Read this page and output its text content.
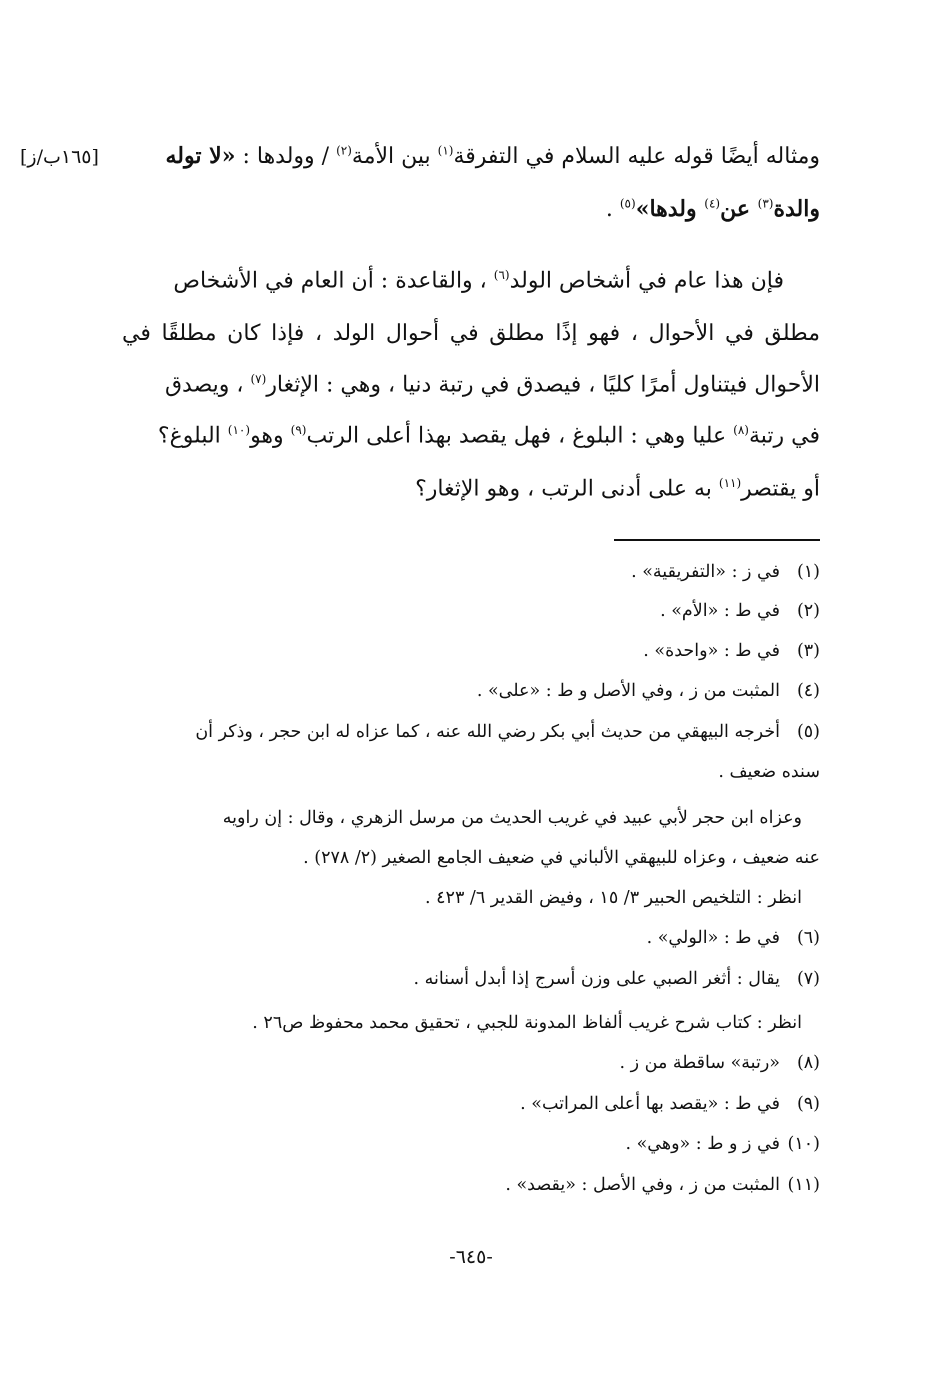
[١٦٥ب/ز]	ومثاله أيضًا قوله عليه السلام في التفرقة$^{(١)}$ بين الأمة$^{(٢)}$ / وولدها : «لا توله
والدة$^{(٣)}$ عن$^{(٤)}$ ولدها»$^{(٥)}$ .
فإن هذا عام في أشخاص الولد$^{(٦)}$ ، والقاعدة : أن العام في الأشخاص
مطلق في الأحوال ، فهو إذًا مطلق في أحوال الولد ، فإذا كان مطلقًا في
الأحوال فيتناول أمرًا كليًا ، فيصدق في رتبة دنيا ، وهي : الإثغار$^{(٧)}$ ، ويصدق
في رتبة$^{(٨)}$ عليا وهي : البلوغ ، فهل يقصد بهذا أعلى الرتب$^{(٩)}$ وهو$^{(١٠)}$ البلوغ؟
أو يقتصر$^{(١١)}$ به على أدنى الرتب ، وهو الإثغار؟
(١)في ز : «التفريقية» .
(٢)في ط : «الأم» .
(٣)في ط : «واحدة» .
(٤)المثبت من ز ، وفي الأصل و ط : «على» .
(٥)أخرجه البيهقي من حديث أبي بكر رضي الله عنه ، كما عزاه له ابن حجر ، وذكر أن
سنده ضعيف .
وعزاه ابن حجر لأبي عبيد في غريب الحديث من مرسل الزهري ، وقال : إن راويه
عنه ضعيف ، وعزاه للبيهقي الألباني في ضعيف الجامع الصغير (٢/ ٢٧٨) .
انظر : التلخيص الحبير ٣/ ١٥ ، وفيض القدير ٦/ ٤٢٣ .
(٦)في ط : «الولي» .
(٧)يقال : أثغر الصبي على وزن أسرج إذا أبدل أسنانه .
انظر : كتاب شرح غريب ألفاظ المدونة للجبي ، تحقيق محمد محفوظ ص٢٦ .
(٨)«رتبة» ساقطة من ز .
(٩)في ط : «يقصد بها أعلى المراتب» .
(١٠)في ز و ط : «وهي» .
(١١)المثبت من ز ، وفي الأصل : «يقصد» .
-٦٤٥-
